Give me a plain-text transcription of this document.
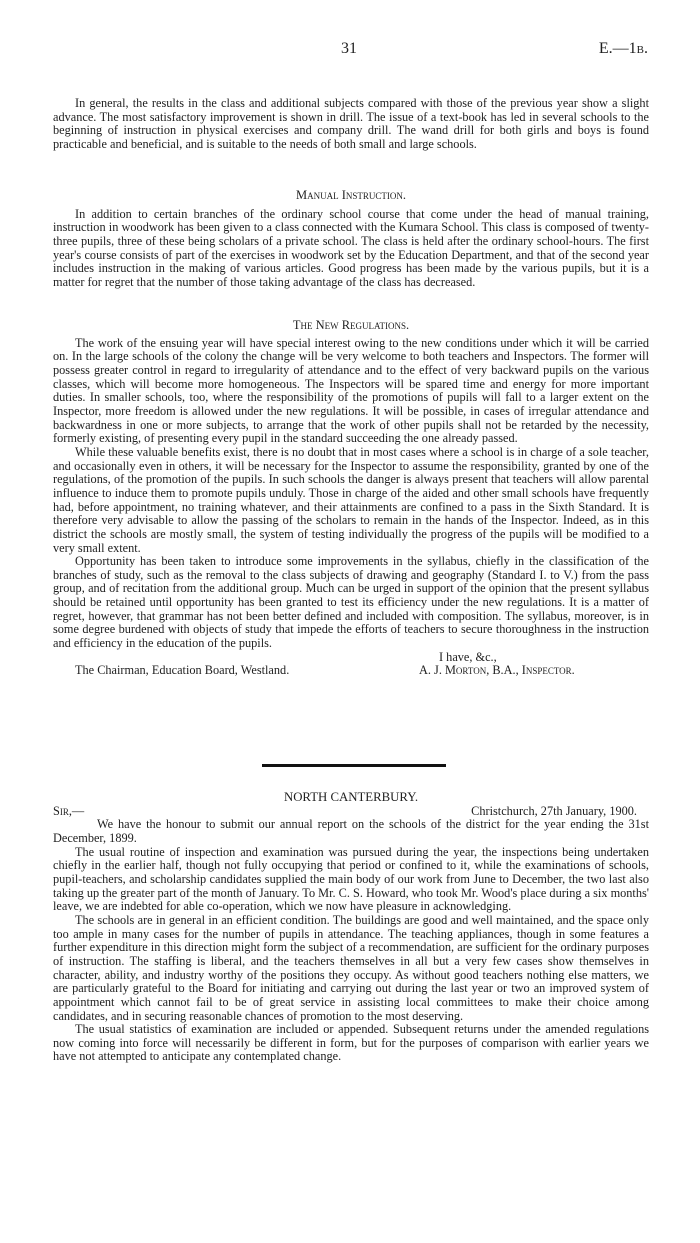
31	E.—1b.

In general, the results in the class and additional subjects compared with those of the previous year show a slight advance. The most satisfactory improvement is shown in drill. The issue of a text-book has led in several schools to the beginning of instruction in physical exercises and company drill. The wand drill for both girls and boys is found practicable and beneficial, and is suitable to the needs of both small and large schools.

Manual Instruction.

In addition to certain branches of the ordinary school course that come under the head of manual training, instruction in woodwork has been given to a class connected with the Kumara School. This class is composed of twenty-three pupils, three of these being scholars of a private school. The class is held after the ordinary school-hours. The first year's course consists of part of the exercises in woodwork set by the Education Department, and that of the second year includes instruction in the making of various articles. Good progress has been made by the various pupils, but it is a matter for regret that the number of those taking advantage of the class has decreased.

The New Regulations.

The work of the ensuing year will have special interest owing to the new conditions under which it will be carried on. In the large schools of the colony the change will be very welcome to both teachers and Inspectors. The former will possess greater control in regard to irregularity of attendance and to the effect of very backward pupils on the various classes, which will become more homogeneous. The Inspectors will be spared time and energy for more important duties. In smaller schools, too, where the responsibility of the promotions of pupils will fall to a larger extent on the Inspector, more freedom is allowed under the new regulations. It will be possible, in cases of irregular attendance and backwardness in one or more subjects, to arrange that the work of other pupils shall not be retarded by the necessity, formerly existing, of presenting every pupil in the standard succeeding the one already passed.

While these valuable benefits exist, there is no doubt that in most cases where a school is in charge of a sole teacher, and occasionally even in others, it will be necessary for the Inspector to assume the responsibility, granted by one of the regulations, of the promotion of the pupils. In such schools the danger is always present that teachers will allow parental influence to induce them to promote pupils unduly. Those in charge of the aided and other small schools have frequently had, before appointment, no training whatever, and their attainments are confined to a pass in the Sixth Standard. It is therefore very advisable to allow the passing of the scholars to remain in the hands of the Inspector. Indeed, as in this district the schools are mostly small, the system of testing individually the progress of the pupils will be modified to a very small extent.

Opportunity has been taken to introduce some improvements in the syllabus, chiefly in the classification of the branches of study, such as the removal to the class subjects of drawing and geography (Standard I. to V.) from the pass group, and of recitation from the additional group. Much can be urged in support of the opinion that the present syllabus should be retained until opportunity has been granted to test its efficiency under the new regulations. It is a matter of regret, however, that grammar has not been better defined and included with composition. The syllabus, moreover, is in some degree burdened with objects of study that impede the efforts of teachers to secure thoroughness in the instruction and efficiency in the education of the pupils.

I have, &c.,
The Chairman, Education Board, Westland.	A. J. Morton, B.A., Inspector.

NORTH CANTERBURY.

Sir,—	Christchurch, 27th January, 1900.

We have the honour to submit our annual report on the schools of the district for the year ending the 31st December, 1899.

The usual routine of inspection and examination was pursued during the year, the inspections being undertaken chiefly in the earlier half, though not fully occupying that period or confined to it, while the examinations of schools, pupil-teachers, and scholarship candidates supplied the main body of our work from June to December, the two last also taking up the greater part of the month of January. To Mr. C. S. Howard, who took Mr. Wood's place during a six months' leave, we are indebted for able co-operation, which we now have pleasure in acknowledging.

The schools are in general in an efficient condition. The buildings are good and well maintained, and the space only too ample in many cases for the number of pupils in attendance. The teaching appliances, though in some features a further expenditure in this direction might form the subject of a recommendation, are sufficient for the ordinary purposes of instruction. The staffing is liberal, and the teachers themselves in all but a very few cases show themselves in character, ability, and industry worthy of the positions they occupy. As without good teachers nothing else matters, we are particularly grateful to the Board for initiating and carrying out during the last year or two an improved system of appointment which cannot fail to be of great service in assisting local committees to make their choice among candidates, and in securing reasonable chances of promotion to the most deserving.

The usual statistics of examination are included or appended. Subsequent returns under the amended regulations now coming into force will necessarily be different in form, but for the purposes of comparison with earlier years we have not attempted to anticipate any contemplated change.
